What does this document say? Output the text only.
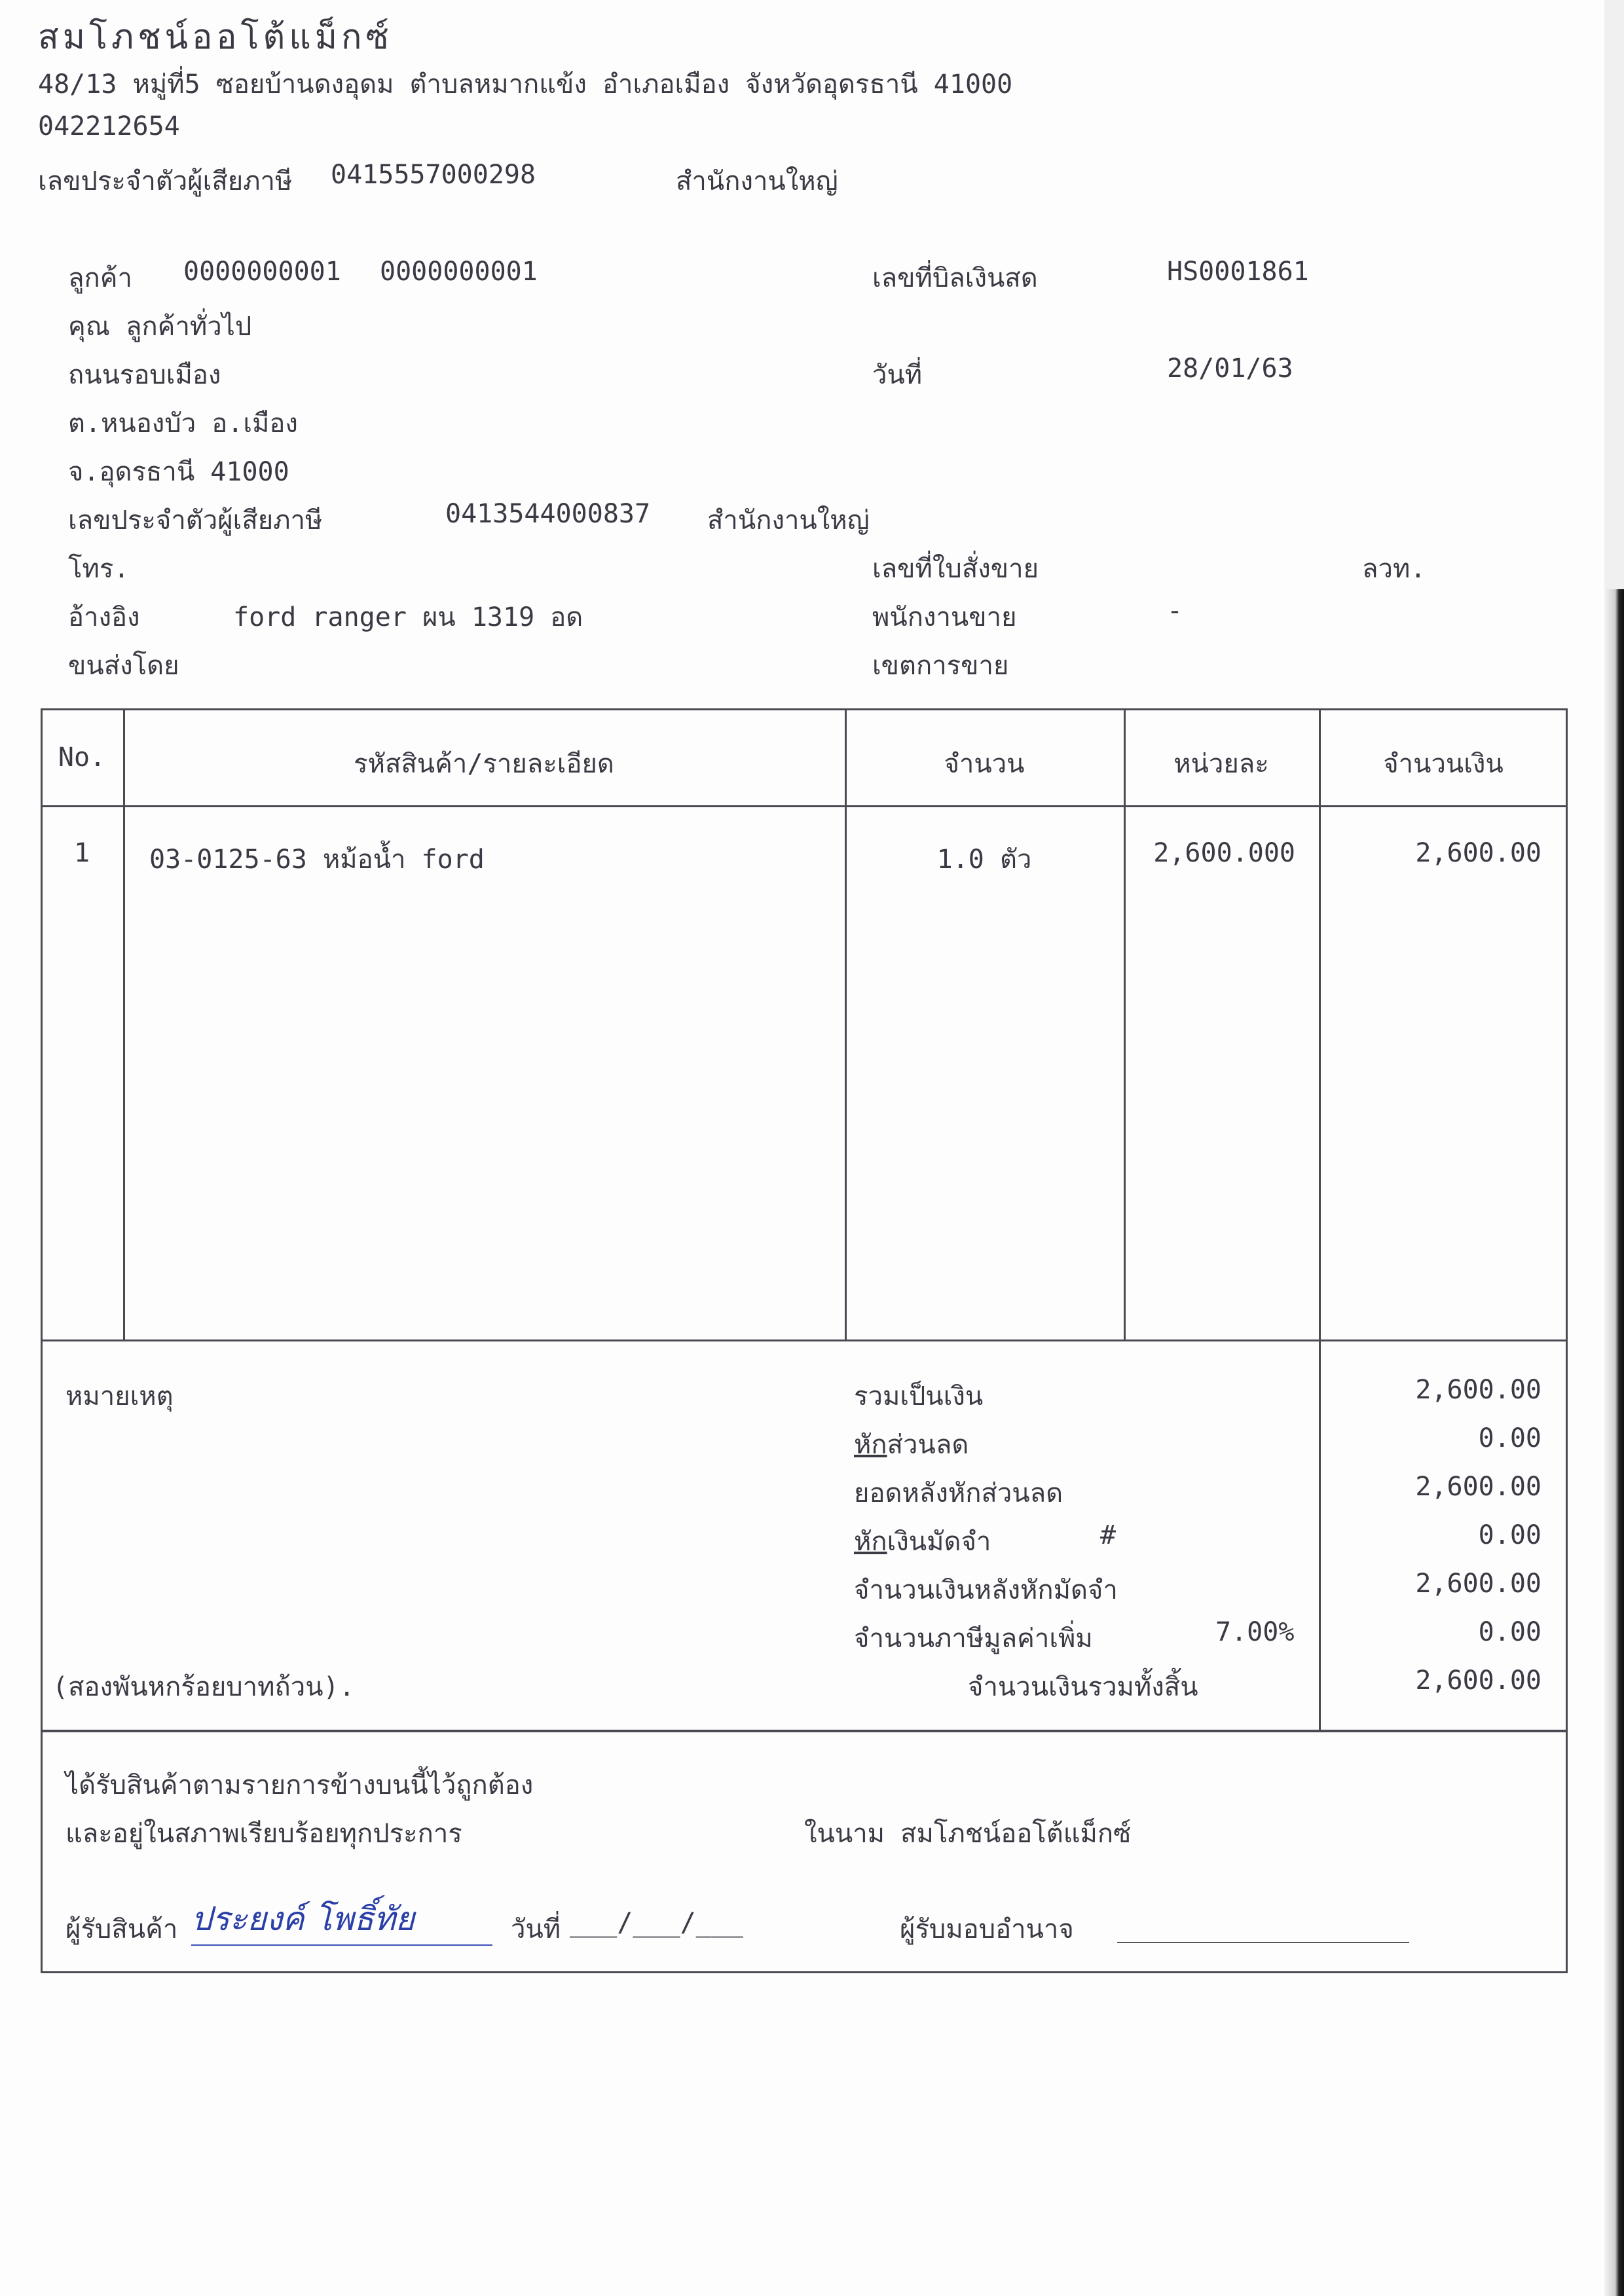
สมโภชน์ออโต้แม็กซ์
48/13 หมู่ที่5 ซอยบ้านดงอุดม ตำบลหมากแข้ง อำเภอเมือง จังหวัดอุดรธานี 41000
042212654
เลขประจำตัวผู้เสียภาษี 0415557000298	สำนักงานใหญ่
ลูกค้า 0000000001 0000000001
คุณ ลูกค้าทั่วไป
ถนนรอบเมือง
ต.หนองบัว อ.เมือง
จ.อุดรธานี 41000
เลขประจำตัวผู้เสียภาษี	0413544000837 สำนักงานใหญ่
โทร.
อ้างอิง	ford ranger ผน 1319 อด
ขนส่งโดย
เลขที่บิลเงินสด	HS0001861
วันที่	28/01/63
เลขที่ใบสั่งขาย	ลวท.
พนักงานขาย	-
เขตการขาย
No.	รหัสสินค้า/รายละเอียด	จำนวน	หน่วยละ	จำนวนเงิน
1	03-0125-63 หม้อน้ำ ford	1.0 ตัว	2,600.000	2,600.00
หมายเหตุ	รวมเป็นเงิน	2,600.00
หักส่วนลด	0.00
ยอดหลังหักส่วนลด	2,600.00
หักเงินมัดจำ	#	0.00
จำนวนเงินหลังหักมัดจำ	2,600.00
จำนวนภาษีมูลค่าเพิ่ม	7.00%	0.00
(สองพันหกร้อยบาทถ้วน).	จำนวนเงินรวมทั้งสิ้น	2,600.00
ได้รับสินค้าตามรายการข้างบนนี้ไว้ถูกต้อง
และอยู่ในสภาพเรียบร้อยทุกประการ	ในนาม สมโภชน์ออโต้แม็กซ์
ผู้รับสินค้า ประยงค์ โพธิ์ทัย	วันที่ ___/___/___	ผู้รับมอบอำนาจ
